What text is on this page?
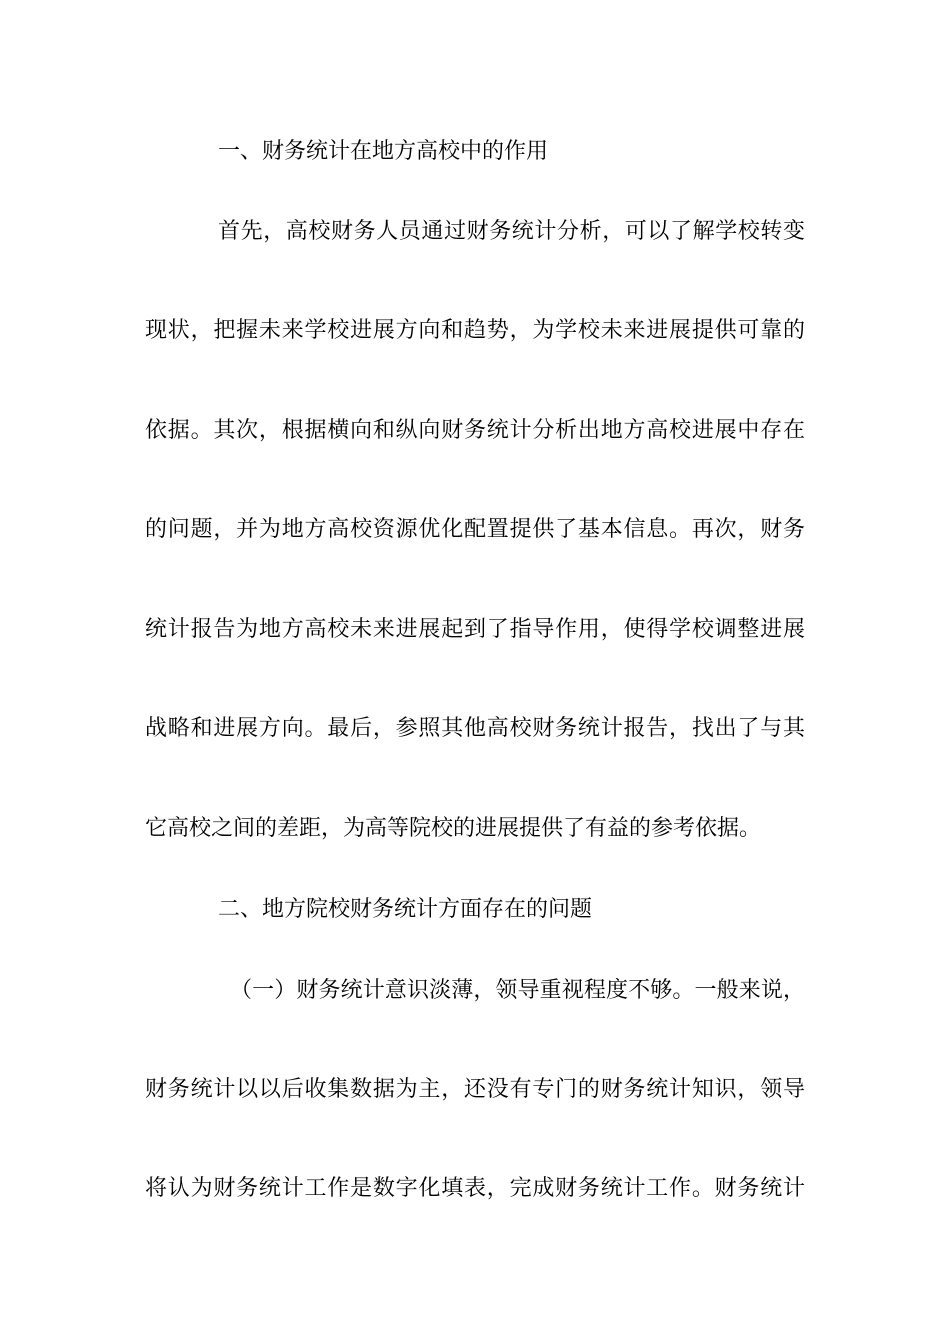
一、财务统计在地方高校中的作用
首先，高校财务人员通过财务统计分析，可以了解学校转变
现状，把握未来学校进展方向和趋势，为学校未来进展提供可靠的
依据。其次，根据横向和纵向财务统计分析出地方高校进展中存在
的问题，并为地方高校资源优化配置提供了基本信息。再次，财务
统计报告为地方高校未来进展起到了指导作用，使得学校调整进展
战略和进展方向。最后，参照其他高校财务统计报告，找出了与其
它高校之间的差距，为高等院校的进展提供了有益的参考依据。
二、地方院校财务统计方面存在的问题
（一）财务统计意识淡薄，领导重视程度不够。一般来说，
财务统计以以后收集数据为主，还没有专门的财务统计知识，领导
将认为财务统计工作是数字化填表，完成财务统计工作。财务统计
